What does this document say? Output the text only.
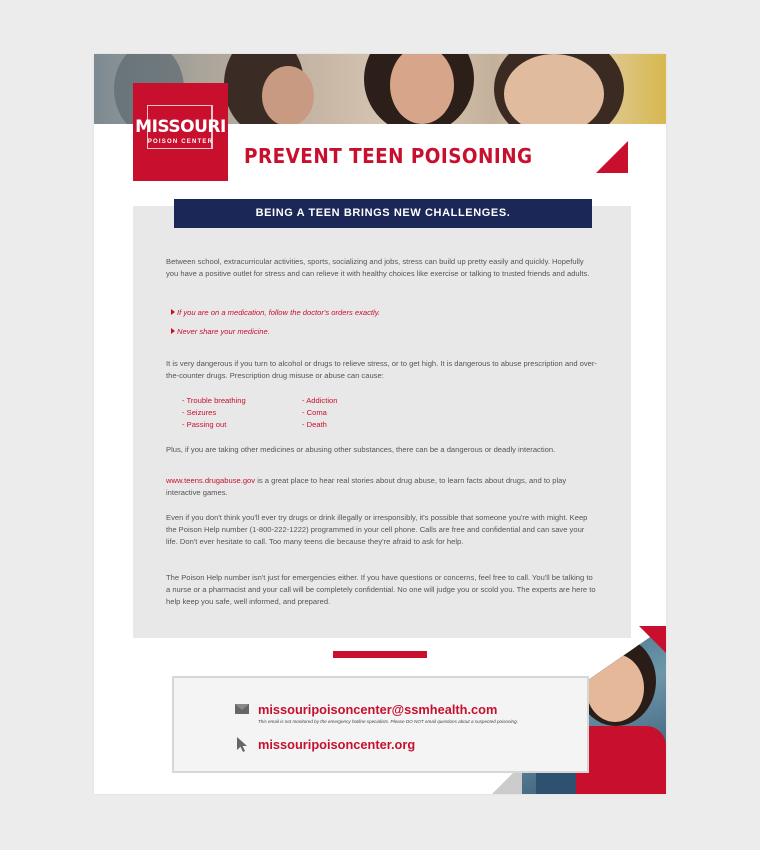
MISSOURI
POISON CENTER
PREVENT TEEN POISONING
BEING A TEEN BRINGS NEW CHALLENGES.
Between school, extracurricular activities, sports, socializing and jobs, stress can build up pretty easily and quickly. Hopefully you have a positive outlet for stress and can relieve it with healthy choices like exercise or talking to trusted friends and adults.
If you are on a medication, follow the doctor's orders exactly.
Never share your medicine.
It is very dangerous if you turn to alcohol or drugs to relieve stress, or to get high. It is dangerous to abuse prescription and over-the-counter drugs. Prescription drug misuse or abuse can cause:
- Trouble breathing
- Seizures
- Passing out
- Addiction
- Coma
- Death
Plus, if you are taking other medicines or abusing other substances, there can be a dangerous or deadly interaction.
www.teens.drugabuse.gov is a great place to hear real stories about drug abuse, to learn facts about drugs, and to play interactive games.
Even if you don't think you'll ever try drugs or drink illegally or irresponsibly, it's possible that someone you're with might. Keep the Poison Help number (1-800-222-1222) programmed in your cell phone. Calls are free and confidential and can save your life. Don't ever hesitate to call. Too many teens die because they're afraid to ask for help.
The Poison Help number isn't just for emergencies either. If you have questions or concerns, feel free to call. You'll be talking to a nurse or a pharmacist and your call will be completely confidential. No one will judge you or scold you. The experts are here to help keep you safe, well informed, and prepared.
missouripoisoncenter@ssmhealth.com
This email is not monitored by the emergency hotline specialists. Please DO NOT email questions about a suspected poisoning.
missouripoisoncenter.org
